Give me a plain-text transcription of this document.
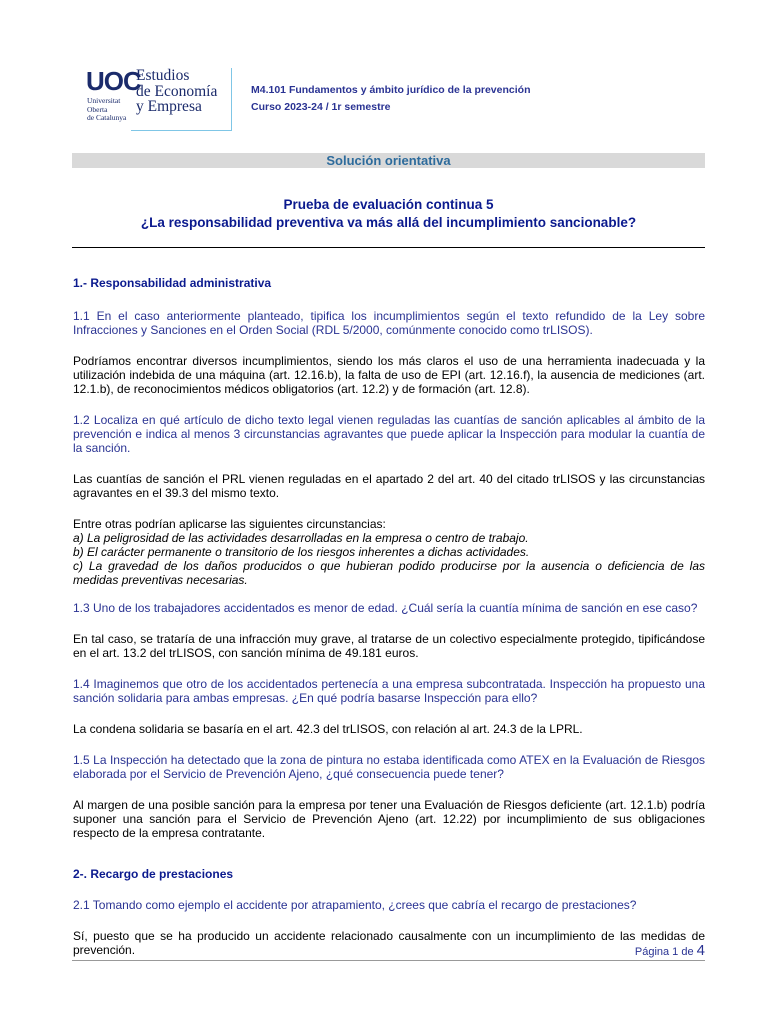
UOC
Universitat
Oberta
de Catalunya
Estudios
de Economía
y Empresa
M4.101 Fundamentos y ámbito jurídico de la prevención
Curso 2023-24 / 1r semestre
Solución orientativa
Prueba de evaluación continua 5
¿La responsabilidad preventiva va más allá del incumplimiento sancionable?

1.- Responsabilidad administrativa

1.1 En el caso anteriormente planteado, tipifica los incumplimientos según el texto refundido de la Ley sobre Infracciones y Sanciones en el Orden Social (RDL 5/2000, comúnmente conocido como trLISOS).

Podríamos encontrar diversos incumplimientos, siendo los más claros el uso de una herramienta inadecuada y la utilización indebida de una máquina (art. 12.16.b), la falta de uso de EPI (art. 12.16.f), la ausencia de mediciones (art. 12.1.b), de reconocimientos médicos obligatorios (art. 12.2) y de formación (art. 12.8).

1.2 Localiza en qué artículo de dicho texto legal vienen reguladas las cuantías de sanción aplicables al ámbito de la prevención e indica al menos 3 circunstancias agravantes que puede aplicar la Inspección para modular la cuantía de la sanción.

Las cuantías de sanción el PRL vienen reguladas en el apartado 2 del art. 40 del citado trLISOS y las circunstancias agravantes en el 39.3 del mismo texto.

Entre otras podrían aplicarse las siguientes circunstancias:

a) La peligrosidad de las actividades desarrolladas en la empresa o centro de trabajo.

b) El carácter permanente o transitorio de los riesgos inherentes a dichas actividades.

c) La gravedad de los daños producidos o que hubieran podido producirse por la ausencia o deficiencia de las medidas preventivas necesarias.

1.3 Uno de los trabajadores accidentados es menor de edad. ¿Cuál sería la cuantía mínima de sanción en ese caso?

En tal caso, se trataría de una infracción muy grave, al tratarse de un colectivo especialmente protegido, tipificándose en el art. 13.2 del trLISOS, con sanción mínima de 49.181 euros.

1.4 Imaginemos que otro de los accidentados pertenecía a una empresa subcontratada. Inspección ha propuesto una sanción solidaria para ambas empresas. ¿En qué podría basarse Inspección para ello?

La condena solidaria se basaría en el art. 42.3 del trLISOS, con relación al art. 24.3 de la LPRL.

1.5 La Inspección ha detectado que la zona de pintura no estaba identificada como ATEX en la Evaluación de Riesgos elaborada por el Servicio de Prevención Ajeno, ¿qué consecuencia puede tener?

Al margen de una posible sanción para la empresa por tener una Evaluación de Riesgos deficiente (art. 12.1.b) podría suponer una sanción para el Servicio de Prevención Ajeno (art. 12.22) por incumplimiento de sus obligaciones respecto de la empresa contratante.

2-. Recargo de prestaciones

2.1 Tomando como ejemplo el accidente por atrapamiento, ¿crees que cabría el recargo de prestaciones?

Sí, puesto que se ha producido un accidente relacionado causalmente con un incumplimiento de las medidas de prevención.	Página 1 de 4
